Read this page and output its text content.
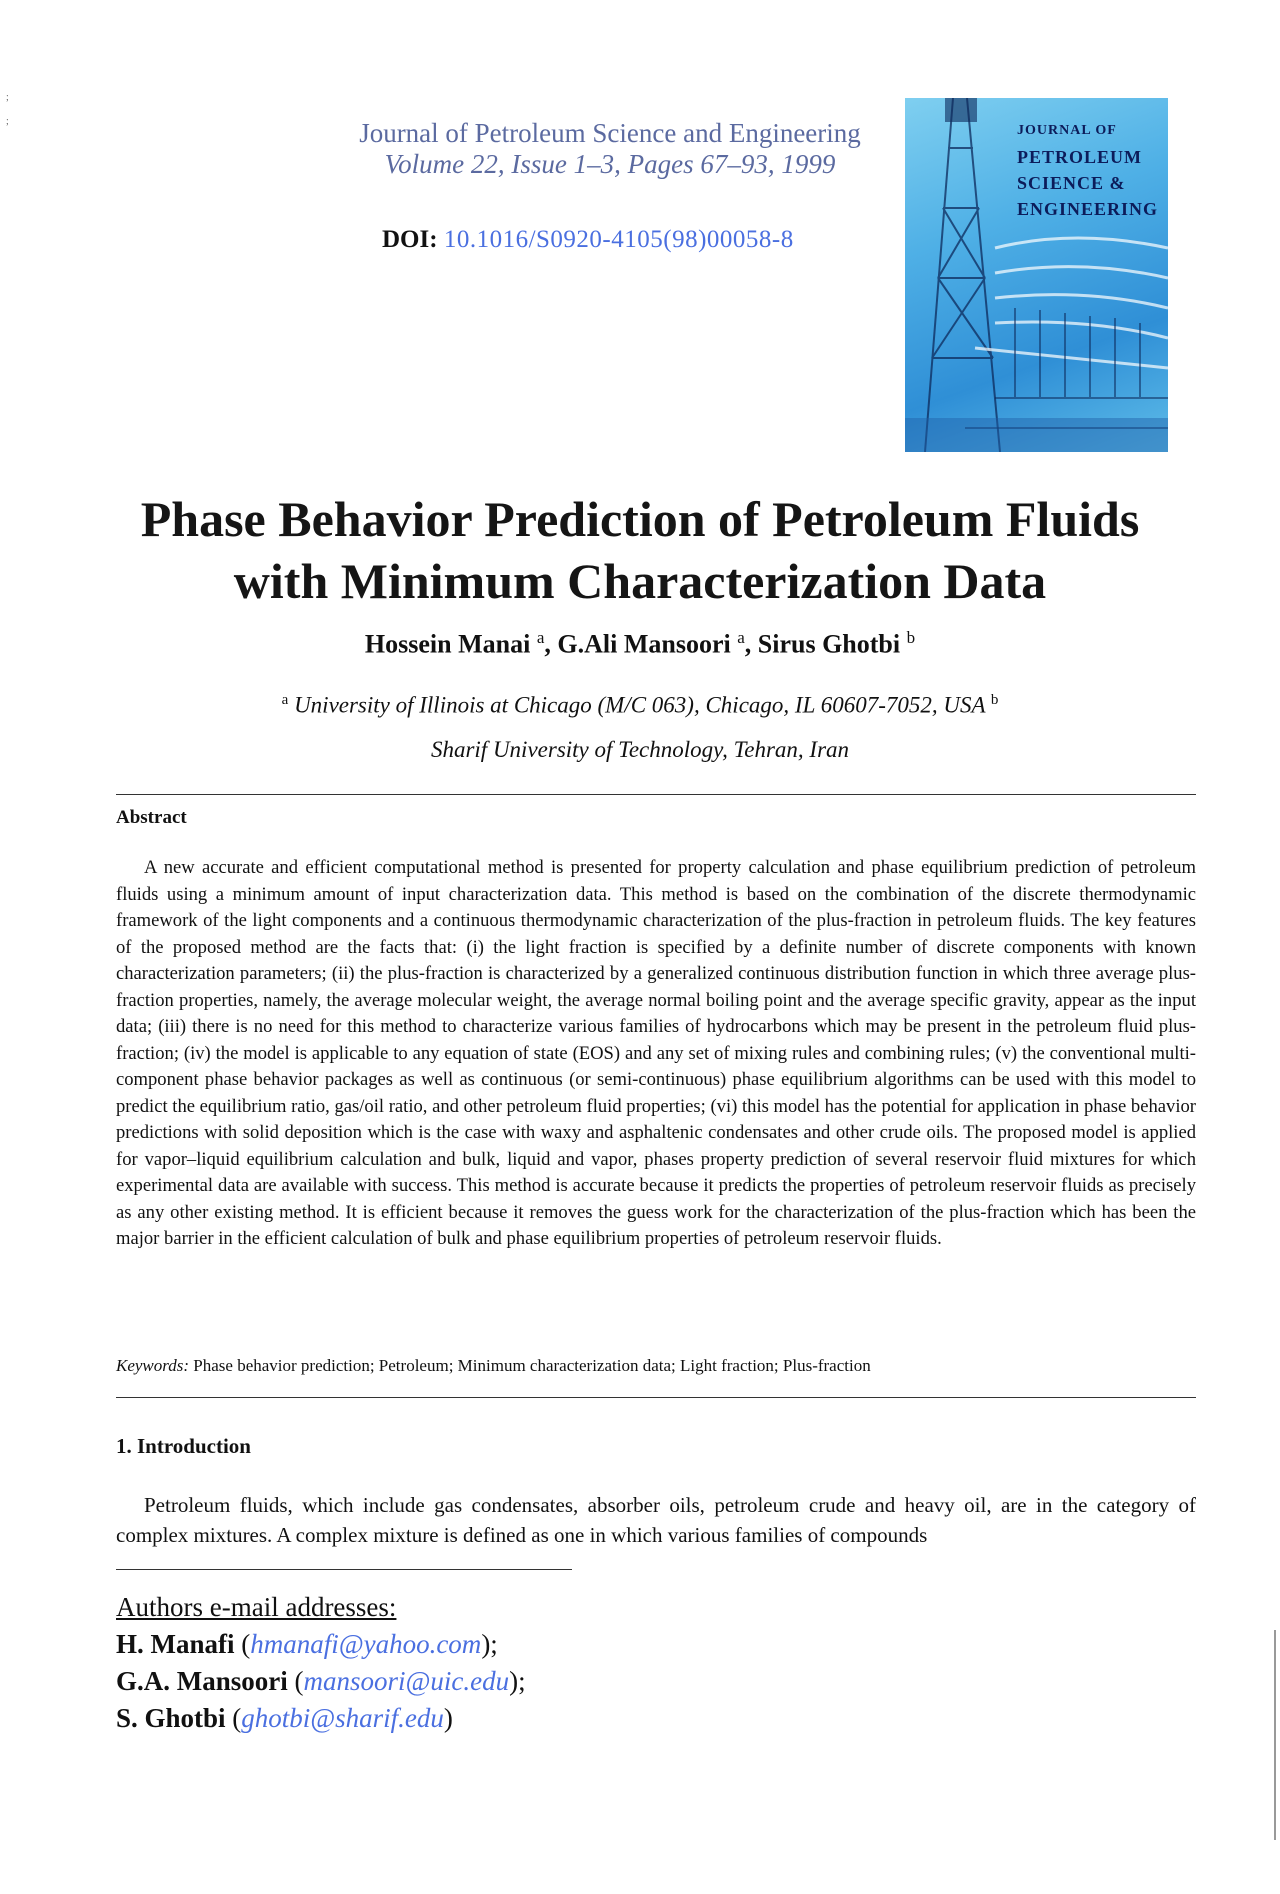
;
;	Journal of Petroleum Science and Engineering
Volume 22, Issue 1–3, Pages 67–93, 1999
DOI: 10.1016/S0920-4105(98)00058-8
JOURNAL OF
PETROLEUM
SCIENCE &
ENGINEERING
Phase Behavior Prediction of Petroleum Fluids
with Minimum Characterization Data
Hossein Manai $^a$, G.Ali Mansoori $^a$, Sirus Ghotbi $^b$
$^a$ University of Illinois at Chicago (M/C 063), Chicago, IL 60607-7052, USA $^b$
Sharif University of Technology, Tehran, Iran
Abstract
A new accurate and efficient computational method is presented for property calculation and phase equilibrium prediction of petroleum fluids using a minimum amount of input characterization data. This method is based on the combination of the discrete thermodynamic framework of the light components and a continuous thermodynamic characterization of the plus-fraction in petroleum fluids. The key features of the proposed method are the facts that: (i) the light fraction is specified by a definite number of discrete components with known characterization parameters; (ii) the plus-fraction is characterized by a generalized continuous distribution function in which three average plus-fraction properties, namely, the average molecular weight, the average normal boiling point and the average specific gravity, appear as the input data; (iii) there is no need for this method to characterize various families of hydrocarbons which may be present in the petroleum fluid plus-fraction; (iv) the model is applicable to any equation of state (EOS) and any set of mixing rules and combining rules; (v) the conventional multi-component phase behavior packages as well as continuous (or semi-continuous) phase equilibrium algorithms can be used with this model to predict the equilibrium ratio, gas/oil ratio, and other petroleum fluid properties; (vi) this model has the potential for application in phase behavior predictions with solid deposition which is the case with waxy and asphaltenic condensates and other crude oils. The proposed model is applied for vapor–liquid equilibrium calculation and bulk, liquid and vapor, phases property prediction of several reservoir fluid mixtures for which experimental data are available with success. This method is accurate because it predicts the properties of petroleum reservoir fluids as precisely as any other existing method. It is efficient because it removes the guess work for the characterization of the plus-fraction which has been the major barrier in the efficient calculation of bulk and phase equilibrium properties of petroleum reservoir fluids.
Keywords: Phase behavior prediction; Petroleum; Minimum characterization data; Light fraction; Plus-fraction
1. Introduction
Petroleum fluids, which include gas condensates, absorber oils, petroleum crude and heavy oil, are in the category of complex mixtures. A complex mixture is defined as one in which various families of compounds
Authors e-mail addresses:
H. Manafi (hmanafi@yahoo.com);
G.A. Mansoori (mansoori@uic.edu);
S. Ghotbi (ghotbi@sharif.edu)
